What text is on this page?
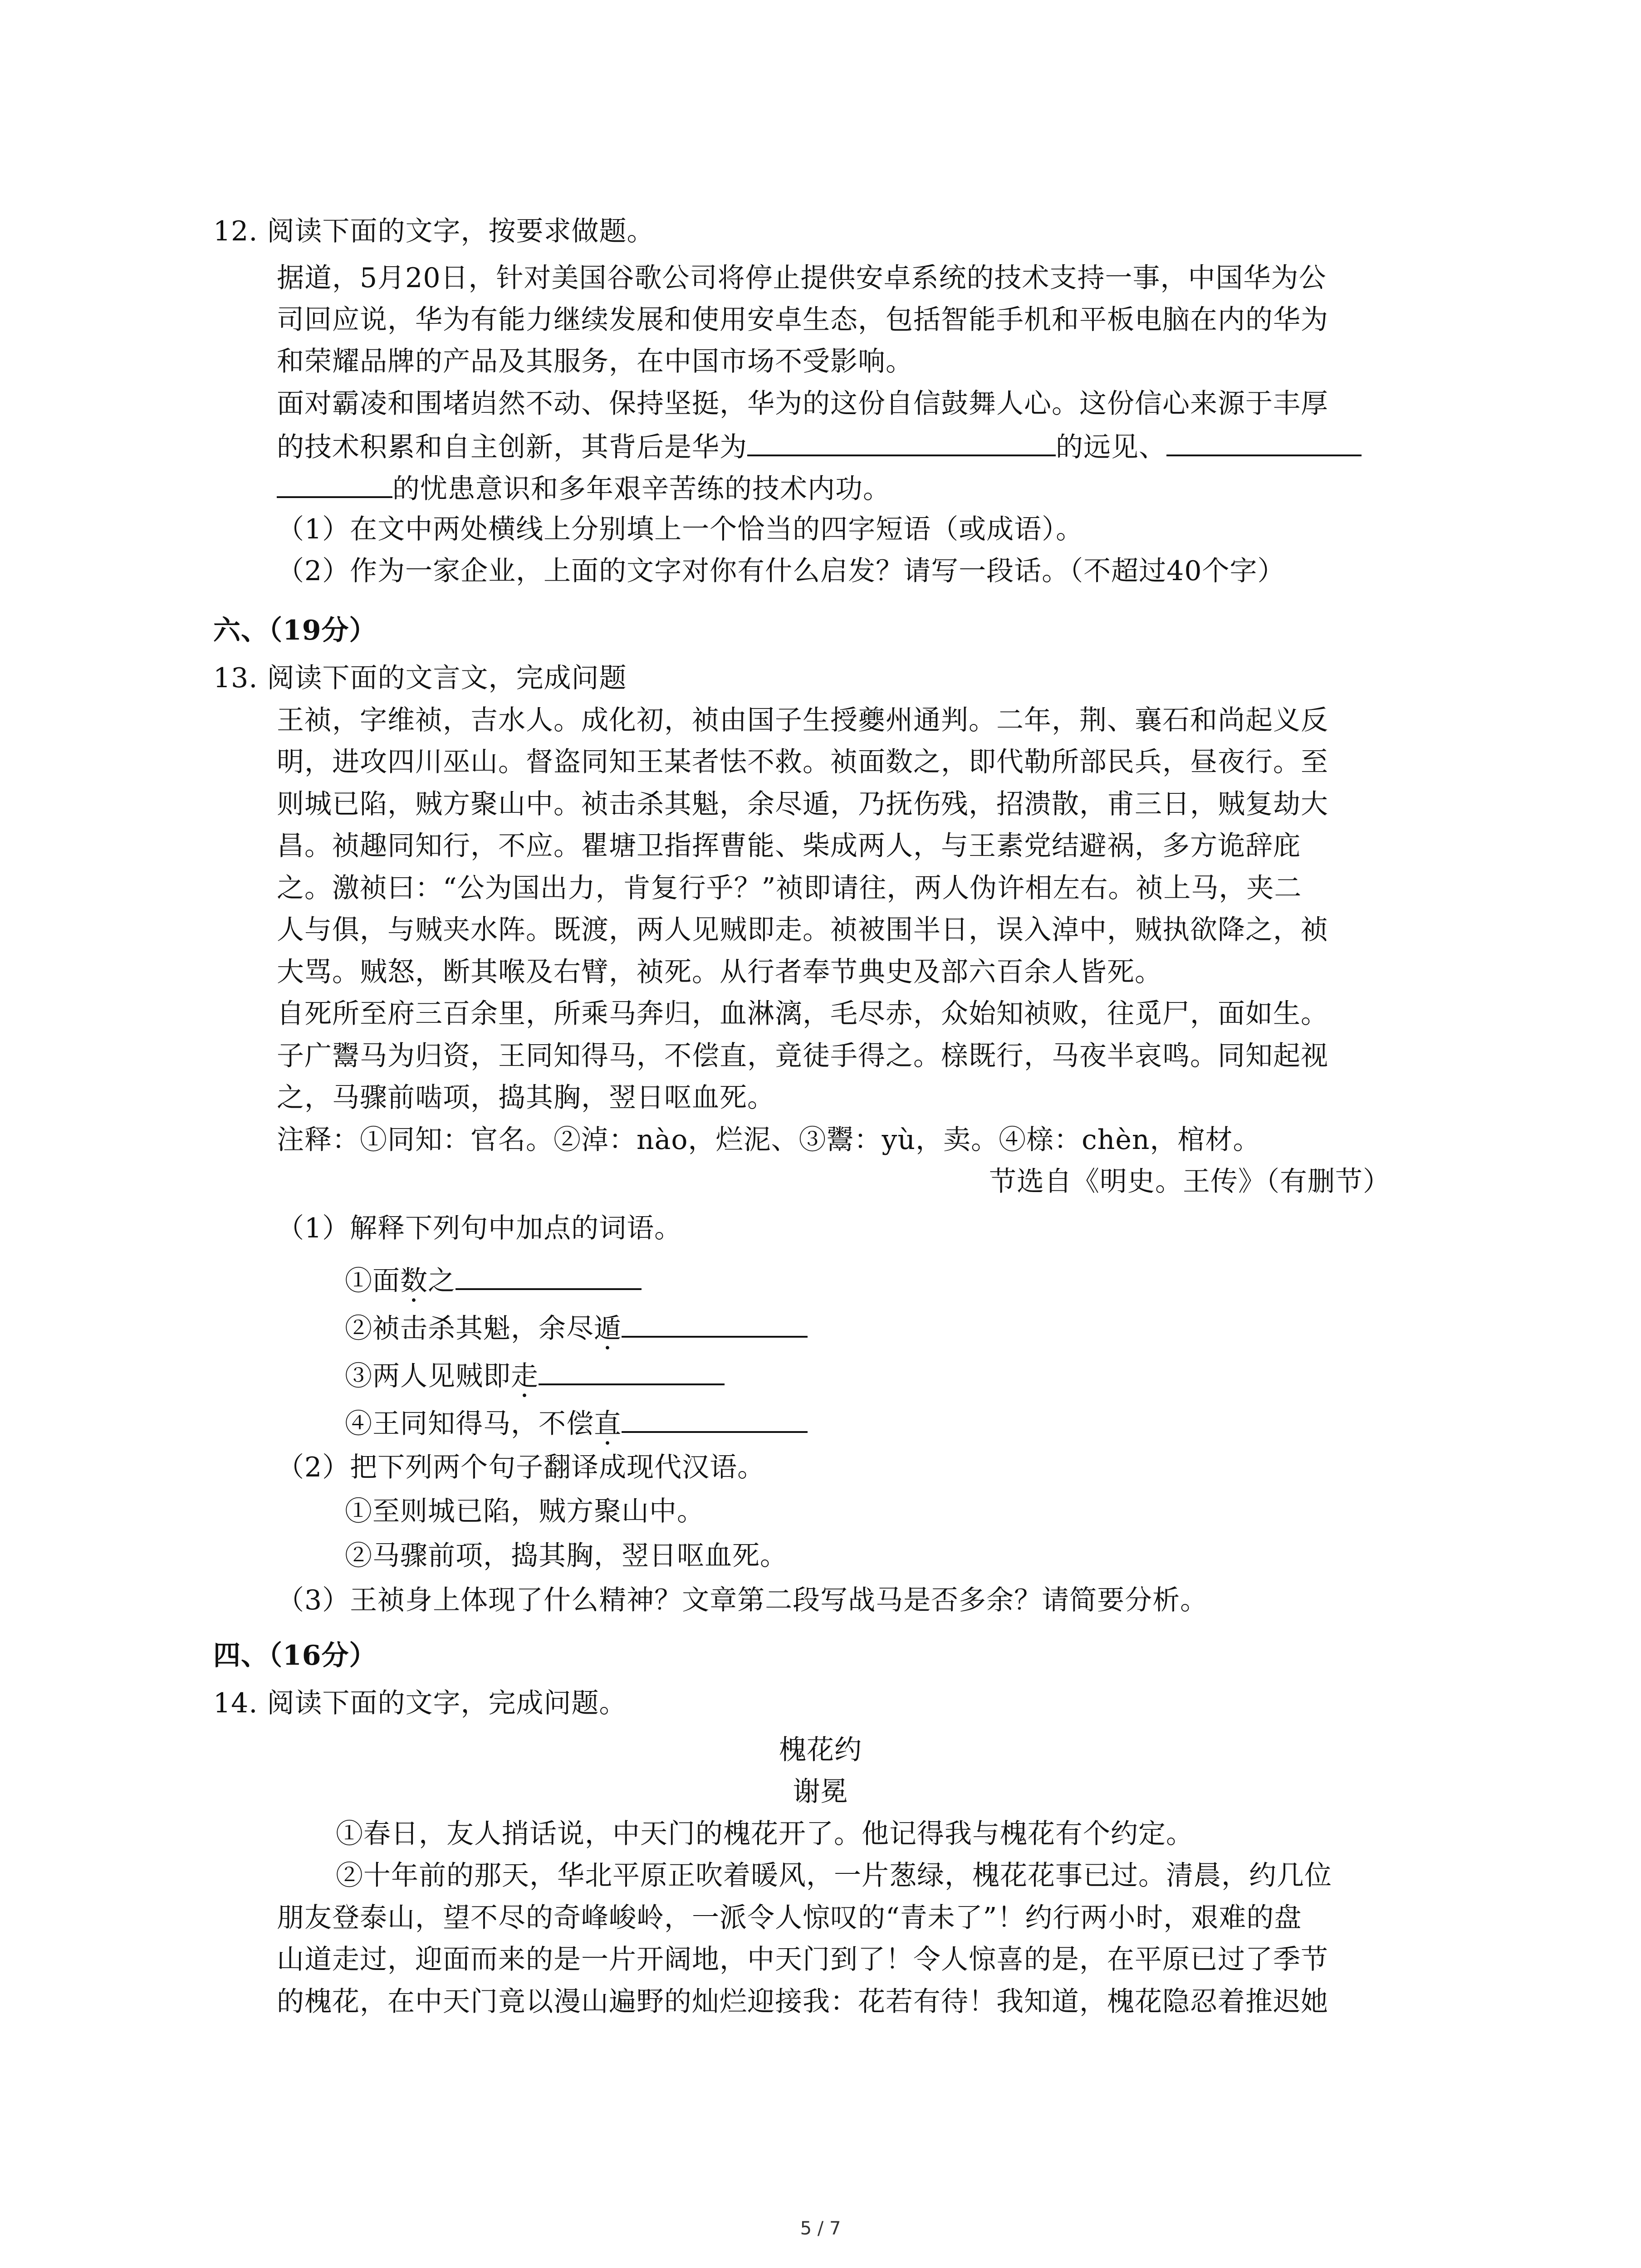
12. 阅读下面的文字，按要求做题。
据道，5月20日，针对美国谷歌公司将停止提供安卓系统的技术支持一事，中国华为公
司回应说，华为有能力继续发展和使用安卓生态，包括智能手机和平板电脑在内的华为
和荣耀品牌的产品及其服务，在中国市场不受影响。
面对霸凌和围堵岿然不动、保持坚挺，华为的这份自信鼓舞人心。这份信心来源于丰厚
的技术积累和自主创新，其背后是华为	的远见、
的忧患意识和多年艰辛苦练的技术内功。
（1）在文中两处横线上分别填上一个恰当的四字短语（或成语）。
（2）作为一家企业，上面的文字对你有什么启发？请写一段话。（不超过40个字）
六、（19分）
13. 阅读下面的文言文，完成问题
王祯，字维祯，吉水人。成化初，祯由国子生授夔州通判。二年，荆、襄石和尚起义反
明，进攻四川巫山。督盗同知王某者怯不救。祯面数之，即代勒所部民兵，昼夜行。至
则城已陷，贼方聚山中。祯击杀其魁，余尽遁，乃抚伤残，招溃散，甫三日，贼复劫大
昌。祯趣同知行，不应。瞿塘卫指挥曹能、柴成两人，与王素党结避祸，多方诡辞庇
之。激祯曰：“公为国出力，肯复行乎？”祯即请往，两人伪许相左右。祯上马，夹二
人与俱，与贼夹水阵。既渡，两人见贼即走。祯被围半日，误入淖中，贼执欲降之，祯
大骂。贼怒，断其喉及右臂，祯死。从行者奉节典史及部六百余人皆死。
自死所至府三百余里，所乘马奔归，血淋漓，毛尽赤，众始知祯败，往觅尸，面如生。
子广鬻马为归资，王同知得马，不偿直，竟徒手得之。榇既行，马夜半哀鸣。同知起视
之，马骤前啮项，捣其胸，翌日呕血死。
注释：①同知：官名。②淖：nào，烂泥、③鬻：yù，卖。④榇：chèn，棺材。
节选自《明史。王传》（有删节）
（1）解释下列句中加点的词语。
①面数之
②祯击杀其魁，余尽遁
③两人见贼即走
④王同知得马，不偿直
（2）把下列两个句子翻译成现代汉语。
①至则城已陷，贼方聚山中。
②马骤前项，捣其胸，翌日呕血死。
（3）王祯身上体现了什么精神？文章第二段写战马是否多余？请简要分析。
四、（16分）
14. 阅读下面的文字，完成问题。
槐花约
谢冕
①春日，友人捎话说，中天门的槐花开了。他记得我与槐花有个约定。
②十年前的那天，华北平原正吹着暖风，一片葱绿，槐花花事已过。清晨，约几位
朋友登泰山，望不尽的奇峰峻岭，一派令人惊叹的“青未了”！约行两小时，艰难的盘
山道走过，迎面而来的是一片开阔地，中天门到了！令人惊喜的是，在平原已过了季节
的槐花，在中天门竟以漫山遍野的灿烂迎接我：花若有待！我知道，槐花隐忍着推迟她
5 / 7
